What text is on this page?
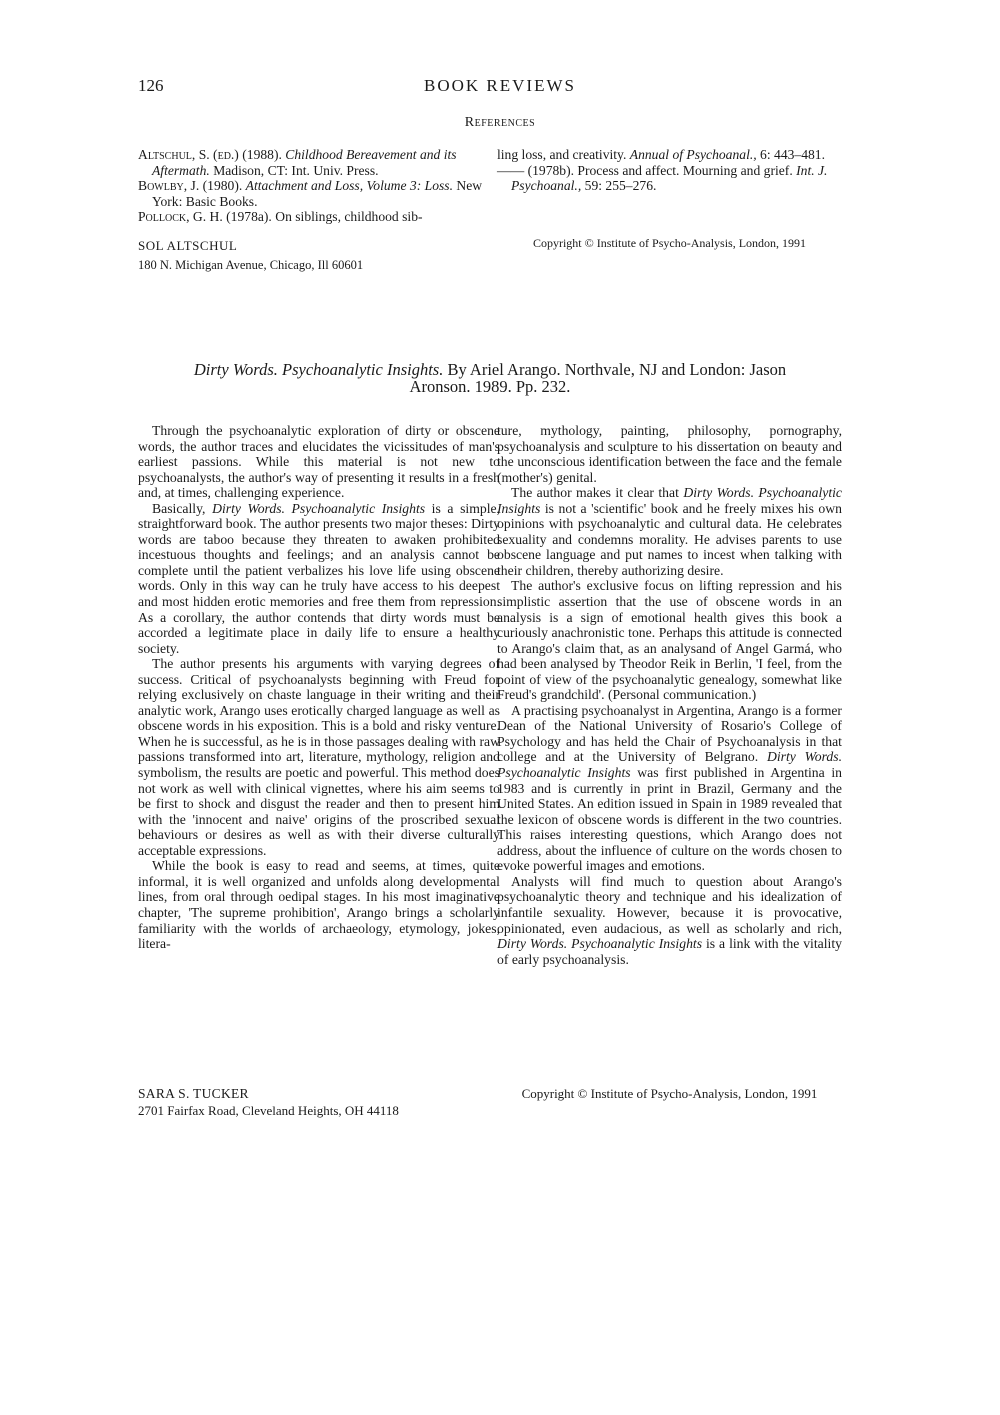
126	BOOK REVIEWS
References

Altschul, S. (ed.) (1988). Childhood Bereavement and its Aftermath. Madison, CT: Int. Univ. Press.

Bowlby, J. (1980). Attachment and Loss, Volume 3: Loss. New York: Basic Books.

Pollock, G. H. (1978a). On siblings, childhood sib-

ling loss, and creativity. Annual of Psychoanal., 6: 443–481.

—— (1978b). Process and affect. Mourning and grief. Int. J. Psychoanal., 59: 255–276.

SOL ALTSCHUL
180 N. Michigan Avenue, Chicago, Ill 60601
Copyright © Institute of Psycho-Analysis, London, 1991
Dirty Words. Psychoanalytic Insights. By Ariel Arango. Northvale, NJ and London: Jason
Aronson. 1989. Pp. 232.

Through the psychoanalytic exploration of dirty or obscene words, the author traces and elucidates the vicissitudes of man's earliest passions. While this material is not new to psychoanalysts, the author's way of presenting it results in a fresh and, at times, challenging experience.

Basically, Dirty Words. Psychoanalytic Insights is a simple, straightforward book. The author presents two major theses: Dirty words are taboo because they threaten to awaken prohibited incestuous thoughts and feelings; and an analysis cannot be complete until the patient verbalizes his love life using obscene words. Only in this way can he truly have access to his deepest and most hidden erotic memories and free them from repression. As a corollary, the author contends that dirty words must be accorded a legitimate place in daily life to ensure a healthy society.

The author presents his arguments with varying degrees of success. Critical of psychoanalysts beginning with Freud for relying exclusively on chaste language in their writing and their analytic work, Arango uses erotically charged language as well as obscene words in his exposition. This is a bold and risky venture. When he is successful, as he is in those passages dealing with raw passions transformed into art, literature, mythology, religion and symbolism, the results are poetic and powerful. This method does not work as well with clinical vignettes, where his aim seems to be first to shock and disgust the reader and then to present him with the 'innocent and naive' origins of the proscribed sexual behaviours or desires as well as with their diverse culturally acceptable expressions.

While the book is easy to read and seems, at times, quite informal, it is well organized and unfolds along developmental lines, from oral through oedipal stages. In his most imaginative chapter, 'The supreme prohibition', Arango brings a scholarly familiarity with the worlds of archaeology, etymology, jokes, litera-

ture, mythology, painting, philosophy, pornography, psychoanalysis and sculpture to his dissertation on beauty and the unconscious identification between the face and the female (mother's) genital.

The author makes it clear that Dirty Words. Psychoanalytic Insights is not a 'scientific' book and he freely mixes his own opinions with psychoanalytic and cultural data. He celebrates sexuality and condemns morality. He advises parents to use obscene language and put names to incest when talking with their children, thereby authorizing desire.

The author's exclusive focus on lifting repression and his simplistic assertion that the use of obscene words in an analysis is a sign of emotional health gives this book a curiously anachronistic tone. Perhaps this attitude is connected to Arango's claim that, as an analysand of Angel Garmá, who had been analysed by Theodor Reik in Berlin, 'I feel, from the point of view of the psychoanalytic genealogy, somewhat like Freud's grandchild'. (Personal communication.)

A practising psychoanalyst in Argentina, Arango is a former Dean of the National University of Rosario's College of Psychology and has held the Chair of Psychoanalysis in that college and at the University of Belgrano. Dirty Words. Psychoanalytic Insights was first published in Argentina in 1983 and is currently in print in Brazil, Germany and the United States. An edition issued in Spain in 1989 revealed that the lexicon of obscene words is different in the two countries. This raises interesting questions, which Arango does not address, about the influence of culture on the words chosen to evoke powerful images and emotions.

Analysts will find much to question about Arango's psychoanalytic theory and technique and his idealization of infantile sexuality. However, because it is provocative, opinionated, even audacious, as well as scholarly and rich, Dirty Words. Psychoanalytic Insights is a link with the vitality of early psychoanalysis.

SARA S. TUCKER
2701 Fairfax Road, Cleveland Heights, OH 44118
Copyright © Institute of Psycho-Analysis, London, 1991
